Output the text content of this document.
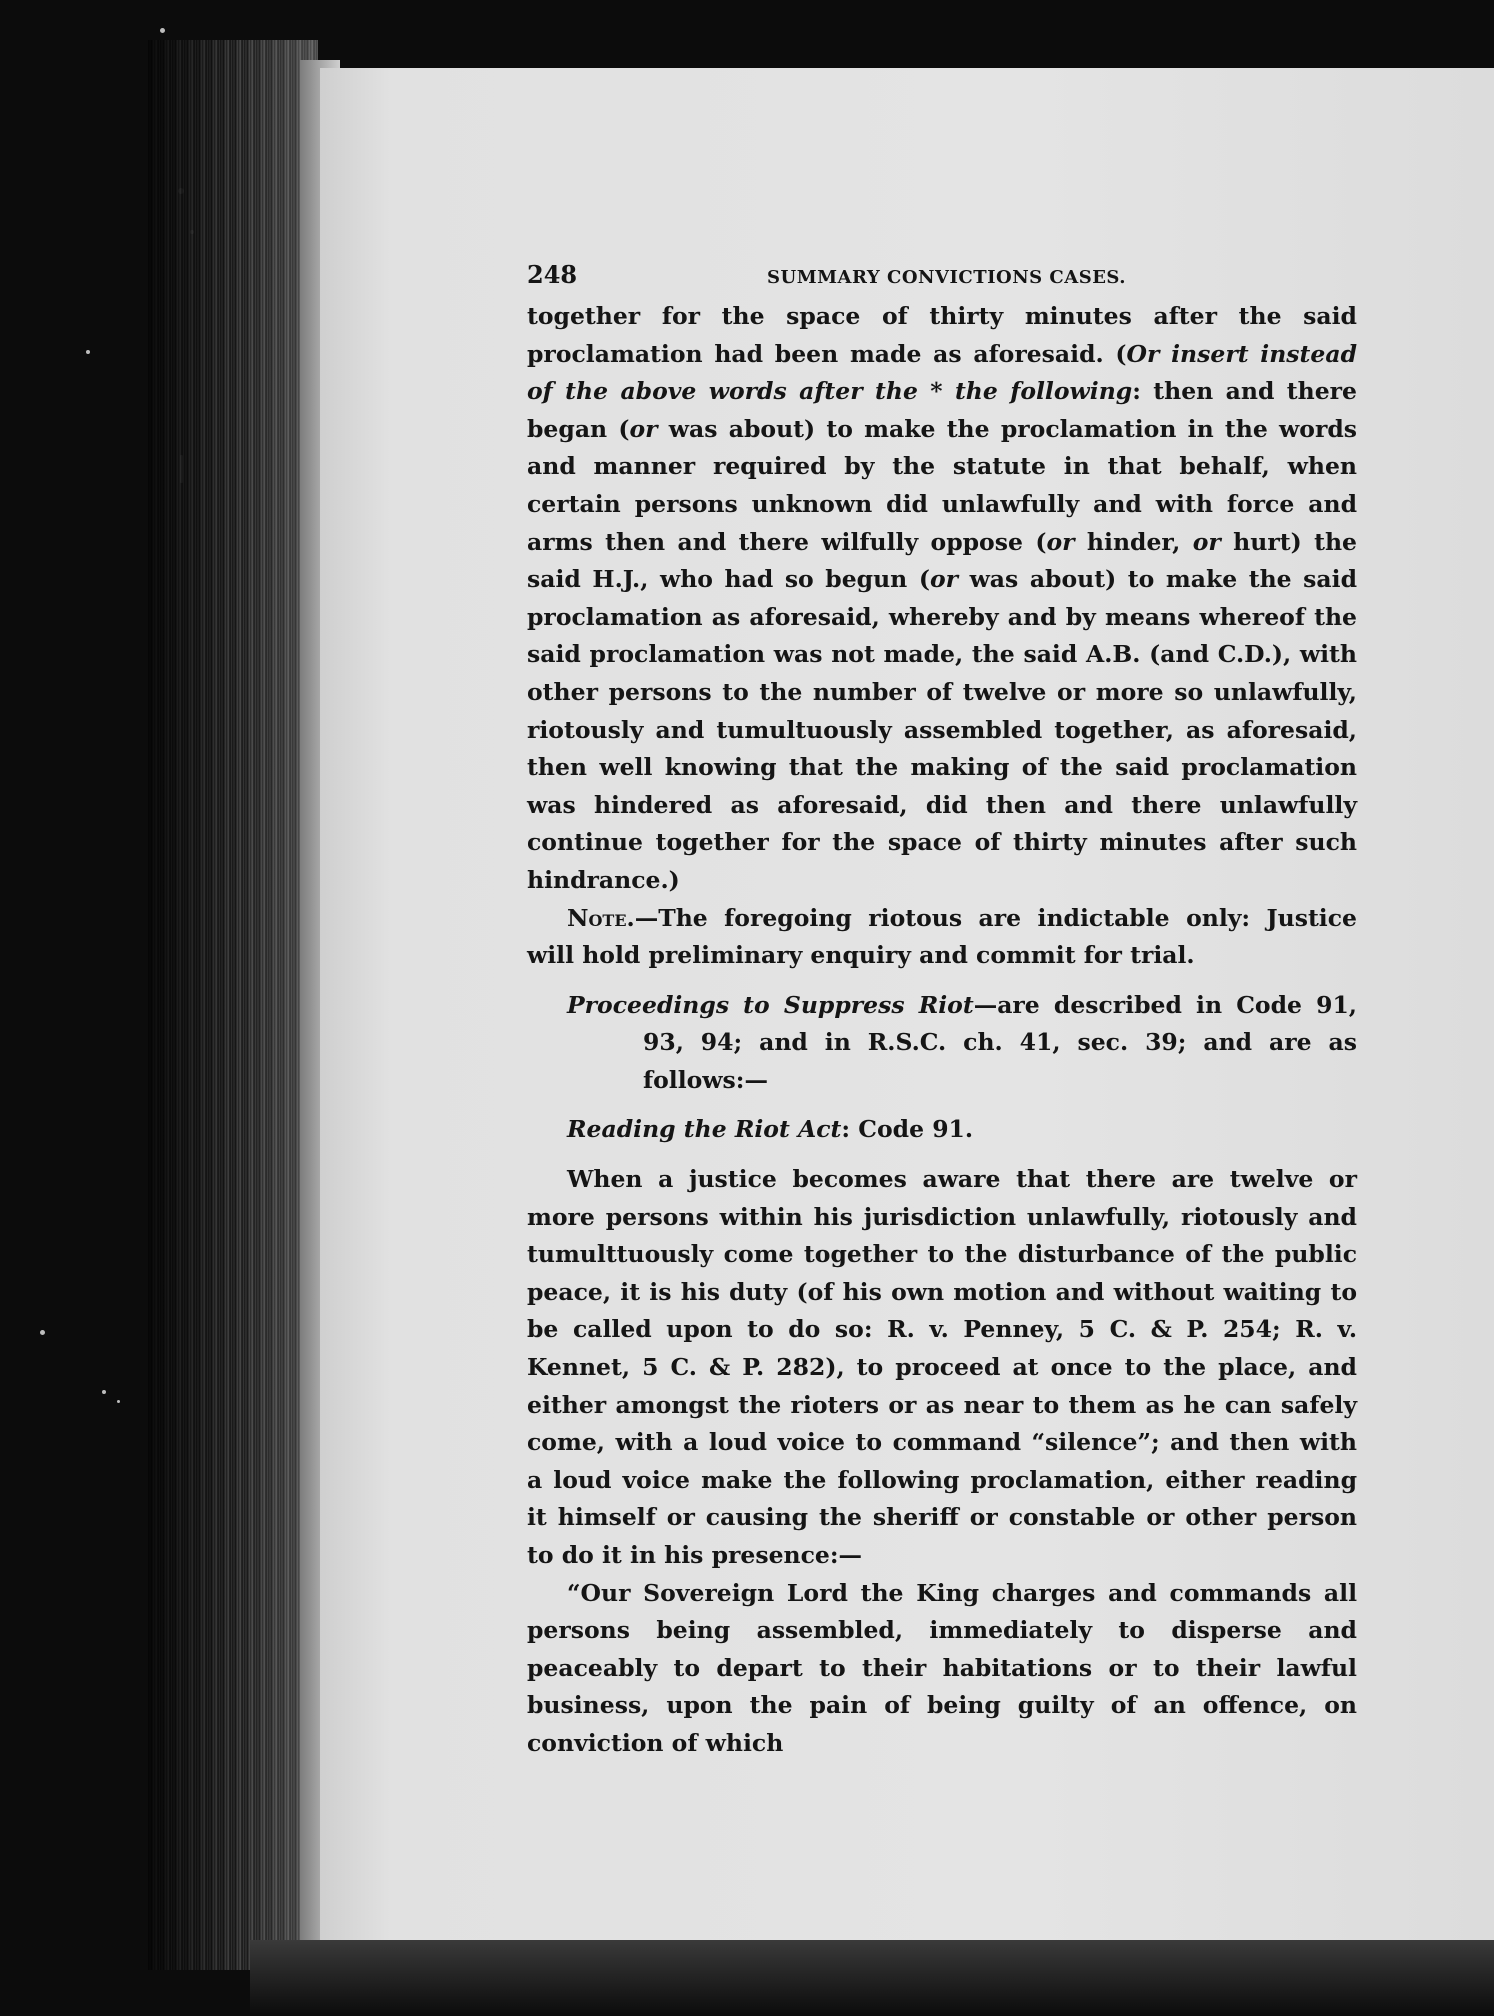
248	SUMMARY CONVICTIONS CASES.

together for the space of thirty minutes after the said proclamation had been made as aforesaid. (Or insert instead of the above words after the * the following: then and there began (or was about) to make the proclamation in the words and manner required by the statute in that behalf, when certain persons unknown did unlawfully and with force and arms then and there wilfully oppose (or hinder, or hurt) the said H.J., who had so begun (or was about) to make the said proclamation as aforesaid, whereby and by means whereof the said proclamation was not made, the said A.B. (and C.D.), with other persons to the number of twelve or more so unlawfully, riotously and tumultuously assembled together, as aforesaid, then well knowing that the making of the said proclamation was hindered as aforesaid, did then and there unlawfully continue together for the space of thirty minutes after such hindrance.)

Note.—The foregoing riotous are indictable only: Justice will hold preliminary enquiry and commit for trial.

Proceedings to Suppress Riot—are described in Code 91, 93, 94; and in R.S.C. ch. 41, sec. 39; and are as follows:—

Reading the Riot Act: Code 91.

When a justice becomes aware that there are twelve or more persons within his jurisdiction unlawfully, riotously and tumulttuously come together to the disturbance of the public peace, it is his duty (of his own motion and without waiting to be called upon to do so: R. v. Penney, 5 C. & P. 254; R. v. Kennet, 5 C. & P. 282), to proceed at once to the place, and either amongst the rioters or as near to them as he can safely come, with a loud voice to command “silence”; and then with a loud voice make the following proclamation, either reading it himself or causing the sheriff or constable or other person to do it in his presence:—

“Our Sovereign Lord the King charges and commands all persons being assembled, immediately to disperse and peaceably to depart to their habitations or to their lawful business, upon the pain of being guilty of an offence, on conviction of which
